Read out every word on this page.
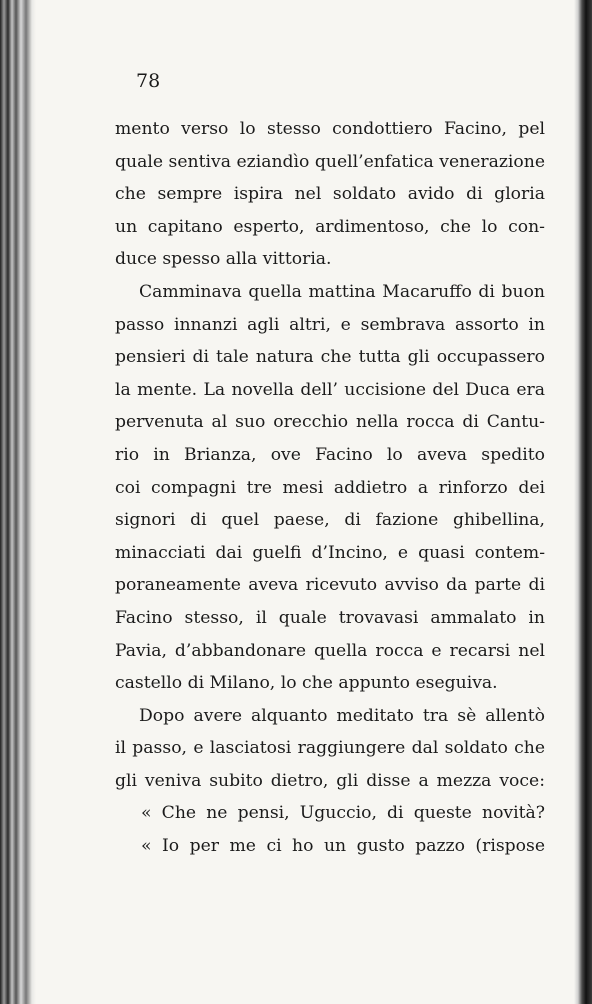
78
mento verso lo stesso condottiero Facino, pel
quale sentiva eziandìo quell’enfatica venerazione
che sempre ispira nel soldato avido di gloria
un capitano esperto, ardimentoso, che lo con-
duce spesso alla vittoria.
Camminava quella mattina Macaruffo di buon
passo innanzi agli altri, e sembrava assorto in
pensieri di tale natura che tutta gli occupassero
la mente. La novella dell’ uccisione del Duca era
pervenuta al suo orecchio nella rocca di Cantu-
rio in Brianza, ove Facino lo aveva spedito
coi compagni tre mesi addietro a rinforzo dei
signori di quel paese, di fazione ghibellina,
minacciati dai guelfi d’Incino, e quasi contem-
poraneamente aveva ricevuto avviso da parte di
Facino stesso, il quale trovavasi ammalato in
Pavia, d’abbandonare quella rocca e recarsi nel
castello di Milano, lo che appunto eseguiva.
Dopo avere alquanto meditato tra sè allentò
il passo, e lasciatosi raggiungere dal soldato che
gli veniva subito dietro, gli disse a mezza voce:
« Che ne pensi, Uguccio, di queste novità?
« Io per me ci ho un gusto pazzo (rispose
